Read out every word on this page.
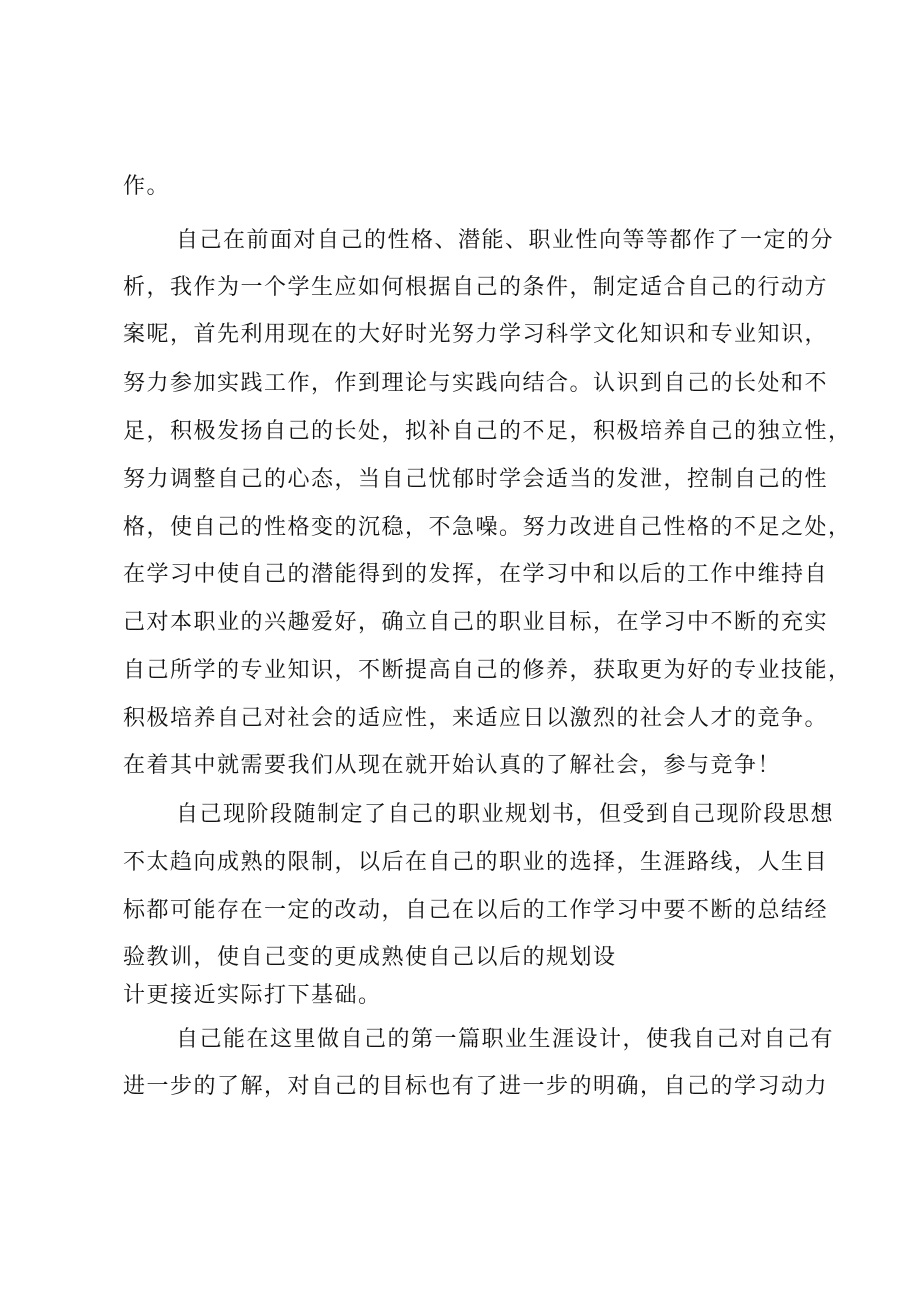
作。
自己在前面对自己的性格、潜能、职业性向等等都作了一定的分
析，我作为一个学生应如何根据自己的条件，制定适合自己的行动方
案呢，首先利用现在的大好时光努力学习科学文化知识和专业知识，
努力参加实践工作，作到理论与实践向结合。认识到自己的长处和不
足，积极发扬自己的长处，拟补自己的不足，积极培养自己的独立性，
努力调整自己的心态，当自己忧郁时学会适当的发泄，控制自己的性
格，使自己的性格变的沉稳，不急噪。努力改进自己性格的不足之处，
在学习中使自己的潜能得到的发挥，在学习中和以后的工作中维持自
己对本职业的兴趣爱好，确立自己的职业目标，在学习中不断的充实
自己所学的专业知识，不断提高自己的修养，获取更为好的专业技能，
积极培养自己对社会的适应性，来适应日以激烈的社会人才的竞争。
在着其中就需要我们从现在就开始认真的了解社会，参与竞争！
自己现阶段随制定了自己的职业规划书，但受到自己现阶段思想
不太趋向成熟的限制，以后在自己的职业的选择，生涯路线，人生目
标都可能存在一定的改动，自己在以后的工作学习中要不断的总结经
验教训，使自己变的更成熟使自己以后的规划设
计更接近实际打下基础。
自己能在这里做自己的第一篇职业生涯设计，使我自己对自己有
进一步的了解，对自己的目标也有了进一步的明确，自己的学习动力
